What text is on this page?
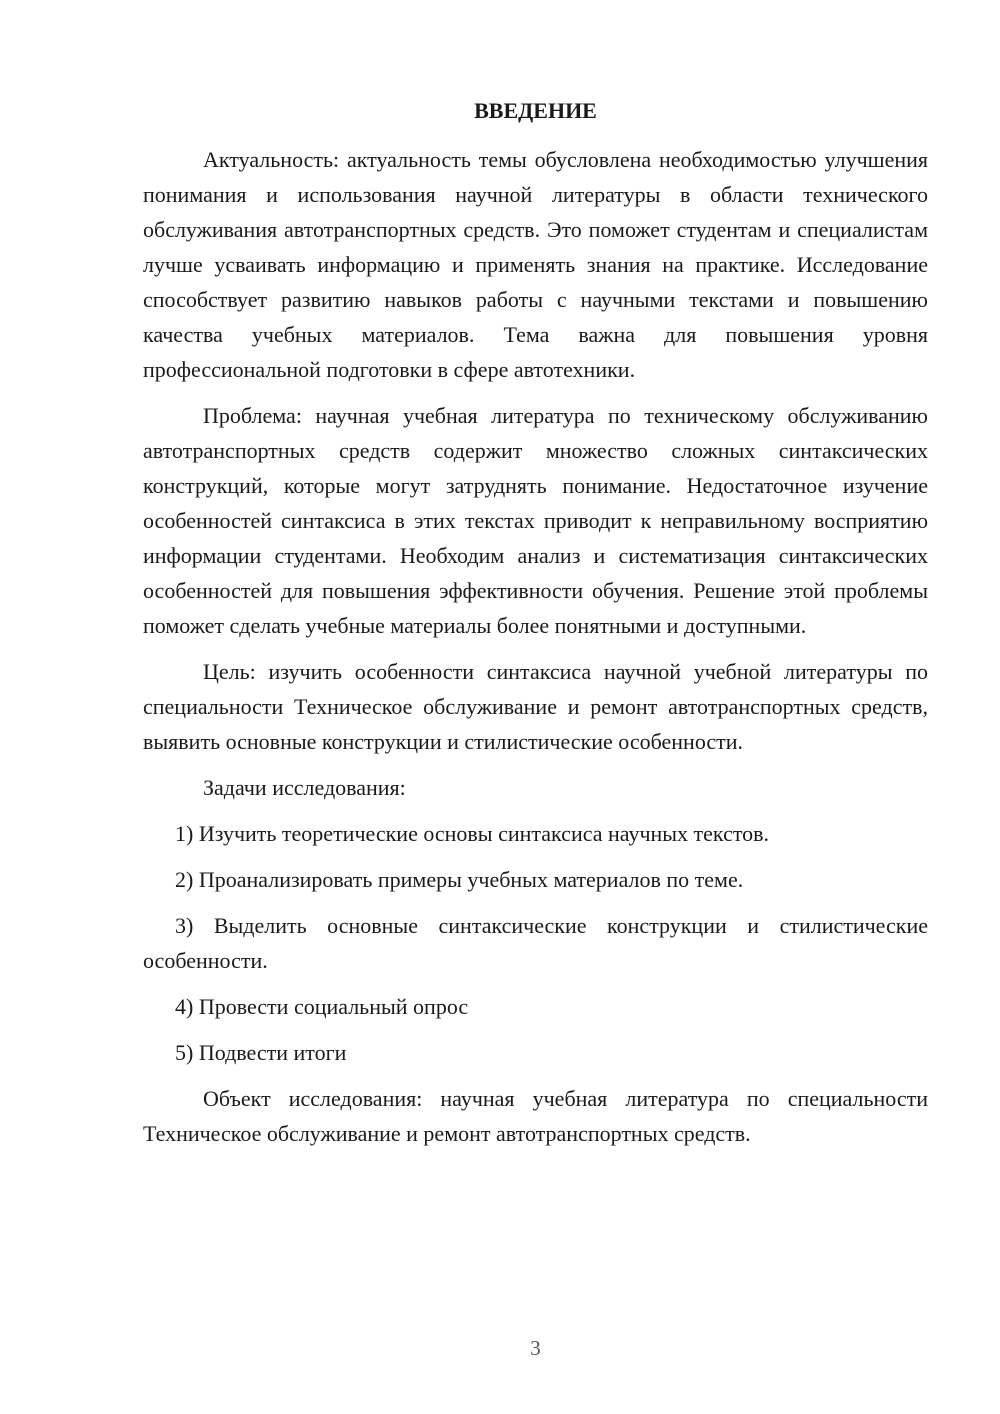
ВВЕДЕНИЕ

Актуальность: актуальность темы обусловлена необходимостью улучшения понимания и использования научной литературы в области технического обслуживания автотранспортных средств. Это поможет студентам и специалистам лучше усваивать информацию и применять знания на практике. Исследование способствует развитию навыков работы с научными текстами и повышению качества учебных материалов. Тема важна для повышения уровня профессиональной подготовки в сфере автотехники.

Проблема: научная учебная литература по техническому обслуживанию автотранспортных средств содержит множество сложных синтаксических конструкций, которые могут затруднять понимание. Недостаточное изучение особенностей синтаксиса в этих текстах приводит к неправильному восприятию информации студентами. Необходим анализ и систематизация синтаксических особенностей для повышения эффективности обучения. Решение этой проблемы поможет сделать учебные материалы более понятными и доступными.

Цель: изучить особенности синтаксиса научной учебной литературы по специальности Техническое обслуживание и ремонт автотранспортных средств, выявить основные конструкции и стилистические особенности.

Задачи исследования:

1) Изучить теоретические основы синтаксиса научных текстов.

2) Проанализировать примеры учебных материалов по теме.

3) Выделить основные синтаксические конструкции и стилистические особенности.

4) Провести социальный опрос

5) Подвести итоги

Объект исследования: научная учебная литература по специальности Техническое обслуживание и ремонт автотранспортных средств.

3
